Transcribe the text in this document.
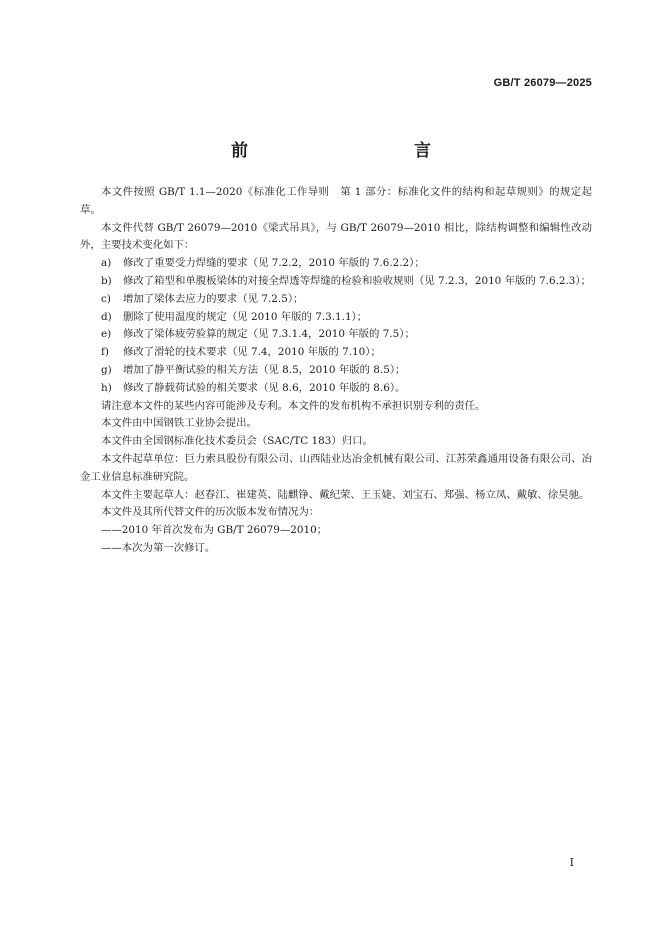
GB/T 26079—2025
前　　言

本文件按照 GB/T 1.1—2020《标准化工作导则　第 1 部分：标准化文件的结构和起草规则》的规定起草。

本文件代替 GB/T 26079—2010《梁式吊具》，与 GB/T 26079—2010 相比，除结构调整和编辑性改动外，主要技术变化如下：

a) 修改了重要受力焊缝的要求（见 7.2.2，2010 年版的 7.6.2.2）；

b) 修改了箱型和单腹板梁体的对接全焊透等焊缝的检验和验收规则（见 7.2.3，2010 年版的 7.6.2.3）；

c) 增加了梁体去应力的要求（见 7.2.5）；

d) 删除了使用温度的规定（见 2010 年版的 7.3.1.1）；

e) 修改了梁体疲劳验算的规定（见 7.3.1.4，2010 年版的 7.5）；

f) 修改了滑轮的技术要求（见 7.4，2010 年版的 7.10）；

g) 增加了静平衡试验的相关方法（见 8.5，2010 年版的 8.5）；

h) 修改了静载荷试验的相关要求（见 8.6，2010 年版的 8.6）。

请注意本文件的某些内容可能涉及专利。本文件的发布机构不承担识别专利的责任。

本文件由中国钢铁工业协会提出。

本文件由全国钢标准化技术委员会（SAC/TC 183）归口。

本文件起草单位：巨力索具股份有限公司、山西陆业达冶金机械有限公司、江苏荣鑫通用设备有限公司、冶金工业信息标准研究院。

本文件主要起草人：赵春江、崔建英、陆麒铮、戴纪荣、王玉婕、刘宝石、郑强、杨立凤、戴敏、徐昊驰。

本文件及其所代替文件的历次版本发布情况为：

——2010 年首次发布为 GB/T 26079—2010；

——本次为第一次修订。

I
